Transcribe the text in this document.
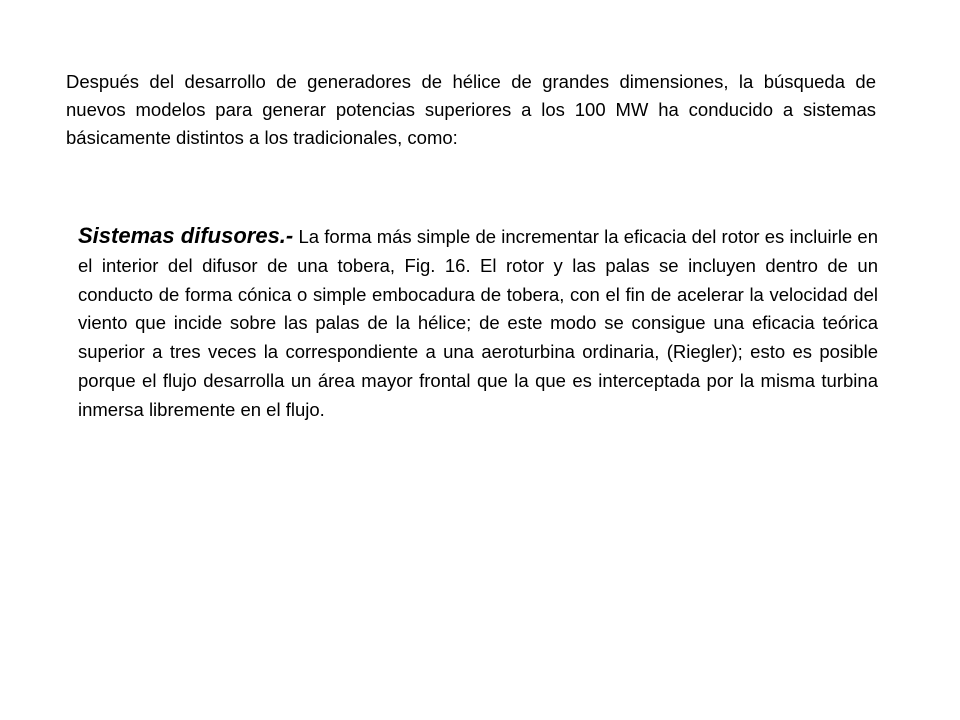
Después del desarrollo de generadores de hélice de grandes dimensiones, la búsqueda de nuevos modelos para generar potencias superiores a los 100 MW ha conducido a sistemas básicamente distintos a los tradicionales, como:

Sistemas difusores.- La forma más simple de incrementar la eficacia del rotor es incluirle en el interior del difusor de una tobera, Fig. 16. El rotor y las palas se incluyen dentro de un conducto de forma cónica o simple embocadura de tobera, con el fin de acelerar la velocidad del viento que incide sobre las palas de la hélice; de este modo se consigue una eficacia teórica superior a tres veces la correspondiente a una aeroturbina ordinaria, (Riegler); esto es posible porque el flujo desarrolla un área mayor frontal que la que es interceptada por la misma turbina inmersa libremente en el flujo.
